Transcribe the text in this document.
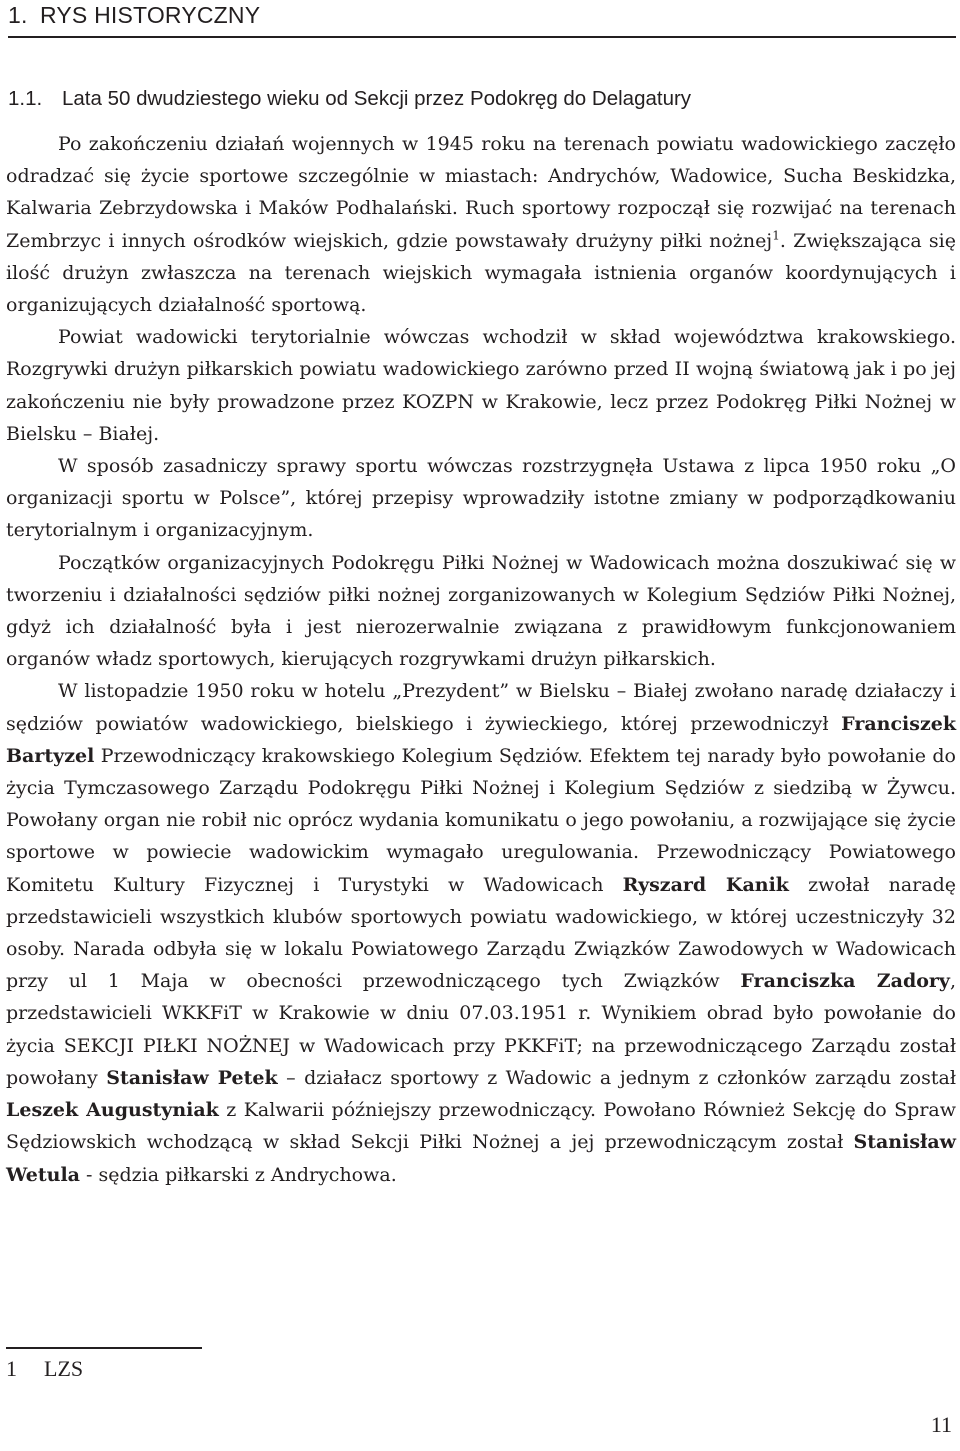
1. RYS HISTORYCZNY
1.1. Lata 50 dwudziestego wieku od Sekcji przez Podokręg do Delagatury

Po zakończeniu działań wojennych w 1945 roku na terenach powiatu wadowickiego zaczęło odradzać się życie sportowe szczególnie w miastach: Andrychów, Wadowice, Sucha Beskidzka, Kalwaria Zebrzydowska i Maków Podhalański. Ruch sportowy rozpoczął się rozwijać na terenach Zembrzyc i innych ośrodków wiejskich, gdzie powstawały drużyny piłki nożnej$^1$. Zwiększająca się ilość drużyn zwłaszcza na terenach wiejskich wymagała istnienia organów koordynujących i organizujących działalność sportową.

Powiat wadowicki terytorialnie wówczas wchodził w skład województwa krakowskiego. Rozgrywki drużyn piłkarskich powiatu wadowickiego zarówno przed II wojną światową jak i po jej zakończeniu nie były prowadzone przez KOZPN w Krakowie, lecz przez Podokręg Piłki Nożnej w Bielsku – Białej.

W sposób zasadniczy sprawy sportu wówczas rozstrzygnęła Ustawa z lipca 1950 roku „O organizacji sportu w Polsce”, której przepisy wprowadziły istotne zmiany w podporządkowaniu terytorialnym i organizacyjnym.

Początków organizacyjnych Podokręgu Piłki Nożnej w Wadowicach można doszukiwać się w tworzeniu i działalności sędziów piłki nożnej zorganizowanych w Kolegium Sędziów Piłki Nożnej, gdyż ich działalność była i jest nierozerwalnie związana z prawidłowym funkcjonowaniem organów władz sportowych, kierujących rozgrywkami drużyn piłkarskich.

W listopadzie 1950 roku w hotelu „Prezydent” w Bielsku – Białej zwołano naradę działaczy i sędziów powiatów wadowickiego, bielskiego i żywieckiego, której przewodniczył Franciszek Bartyzel Przewodniczący krakowskiego Kolegium Sędziów. Efektem tej narady było powołanie do życia Tymczasowego Zarządu Podokręgu Piłki Nożnej i Kolegium Sędziów z siedzibą w Żywcu. Powołany organ nie robił nic oprócz wydania komunikatu o jego powołaniu, a rozwijające się życie sportowe w powiecie wadowickim wymagało uregulowania. Przewodniczący Powiatowego Komitetu Kultury Fizycznej i Turystyki w Wadowicach Ryszard Kanik zwołał naradę przedstawicieli wszystkich klubów sportowych powiatu wadowickiego, w której uczestniczyły 32 osoby. Narada odbyła się w lokalu Powiatowego Zarządu Związków Zawodowych w Wadowicach przy ul 1 Maja w obecności przewodniczącego tych Związków Franciszka Zadory, przedstawicieli WKKFiT w Krakowie w dniu 07.03.1951 r. Wynikiem obrad było powołanie do życia SEKCJI PIŁKI NOŻNEJ w Wadowicach przy PKKFiT; na przewodniczącego Zarządu został powołany Stanisław Petek – działacz sportowy z Wadowic a jednym z członków zarządu został Leszek Augustyniak z Kalwarii późniejszy przewodniczący. Powołano Również Sekcję do Spraw Sędziowskich wchodzącą w skład Sekcji Piłki Nożnej a jej przewodniczącym został Stanisław Wetula - sędzia piłkarski z Andrychowa.

1 LZS
11
